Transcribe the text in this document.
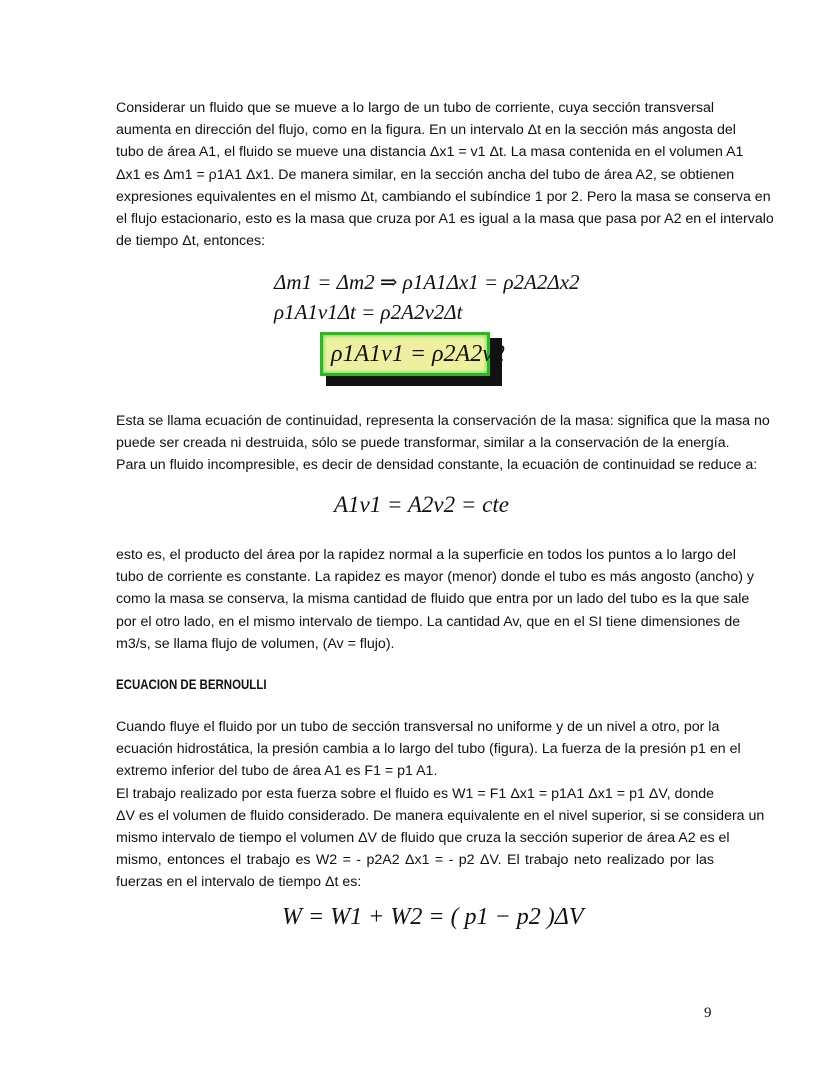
Considerar un fluido que se mueve a lo largo de un tubo de corriente, cuya sección transversal
aumenta en dirección del flujo, como en la figura. En un intervalo Δt en la sección más angosta del
tubo de área A1, el fluido se mueve una distancia Δx1 = v1 Δt. La masa contenida en el volumen A1
Δx1 es Δm1 = ρ1A1 Δx1. De manera similar, en la sección ancha del tubo de área A2, se obtienen
expresiones equivalentes en el mismo Δt, cambiando el subíndice 1 por 2. Pero la masa se conserva en
el flujo estacionario, esto es la masa que cruza por A1 es igual a la masa que pasa por A2 en el intervalo
de tiempo Δt, entonces:
Δm1 = Δm2 ⇒ ρ1A1Δx1 = ρ2A2Δx2
ρ1A1v1Δt = ρ2A2v2Δt
ρ1A1v1 = ρ2A2v2
Esta se llama ecuación de continuidad, representa la conservación de la masa: significa que la masa no
puede ser creada ni destruida, sólo se puede transformar, similar a la conservación de la energía.
Para un fluido incompresible, es decir de densidad constante, la ecuación de continuidad se reduce a:
A1v1 = A2v2 = cte
esto es, el producto del área por la rapidez normal a la superficie en todos los puntos a lo largo del
tubo de corriente es constante. La rapidez es mayor (menor) donde el tubo es más angosto (ancho) y
como la masa se conserva, la misma cantidad de fluido que entra por un lado del tubo es la que sale
por el otro lado, en el mismo intervalo de tiempo. La cantidad Av, que en el SI tiene dimensiones de
m3/s, se llama flujo de volumen, (Av = flujo).
ECUACION DE BERNOULLI
Cuando fluye el fluido por un tubo de sección transversal no uniforme y de un nivel a otro, por la
ecuación hidrostática, la presión cambia a lo largo del tubo (figura). La fuerza de la presión p1 en el
extremo inferior del tubo de área A1 es F1 = p1 A1.
El trabajo realizado por esta fuerza sobre el fluido es W1 = F1 Δx1 = p1A1 Δx1 = p1 ΔV, donde
ΔV es el volumen de fluido considerado. De manera equivalente en el nivel superior, si se considera un
mismo intervalo de tiempo el volumen ΔV de fluido que cruza la sección superior de área A2 es el
mismo, entonces el trabajo es W2 = - p2A2 Δx1 = - p2 ΔV. El trabajo neto realizado por las
fuerzas en el intervalo de tiempo Δt es:
W = W1 + W2 = ( p1 − p2 )ΔV
9
